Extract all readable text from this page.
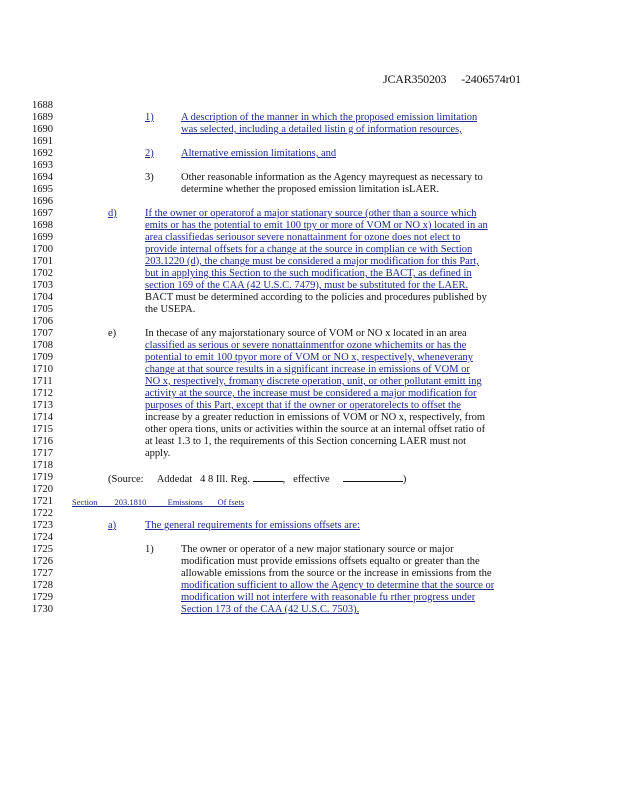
JCAR350203 -2406574r01
1688
1689	1)	A description of the manner in which the proposed emission limitation
1690	was selected, including a detailed listin g of information resources,
1691
1692	2)	Alternative emission limitations, and
1693
1694	3)	Other reasonable information as the Agency mayrequest as necessary to
1695	determine whether the proposed emission limitation isLAER.
1696
1697	d)	If the owner or operatorof a major stationary source (other than a source which
1698	emits or has the potential to emit 100 tpy or more of VOM or NO x) located in an
1699	area classifiedas seriousor severe nonattainment for ozone does not elect to
1700	provide internal offsets for a change at the source in complian ce with Section
1701	203.1220 (d), the change must be considered a major modification for this Part,
1702	but in applying this Section to the such modification, the BACT, as defined in
1703	section 169 of the CAA (42 U.S.C. 7479), must be substituted for the LAER.
1704	BACT must be determined according to the policies and procedures published by
1705	the USEPA.
1706
1707	e)	In thecase of any majorstationary source of VOM or NO x located in an area
1708	classified as serious or severe nonattainmentfor ozone whichemits or has the
1709	potential to emit 100 tpyor more of VOM or NO x, respectively, wheneverany
1710	change at that source results in a significant increase in emissions of VOM or
1711	NO x, respectively, fromany discrete operation, unit, or other pollutant emitt ing
1712	activity at the source, the increase must be considered a major modification for
1713	purposes of this Part, except that if the owner or operatorelects to offset the
1714	increase by a greater reduction in emissions of VOM or NO x, respectively, from
1715	other opera tions, units or activities within the source at an internal offset ratio of
1716	at least 1.3 to 1, the requirements of this Section concerning LAER must not
1717	apply.
1718
1719	(Source: Addedat 4 8 Ill. Reg.	,   effective	)
1720
1721 Section 203.1810	Emissions Of fsets
1722
1723	a)	The general requirements for emissions offsets are:
1724
1725	1)	The owner or operator of a new major stationary source or major
1726	modification must provide emissions offsets equalto or greater than the
1727	allowable emissions from the source or the increase in emissions from the
1728	modification sufficient to allow the Agency to determine that the source or
1729	modification will not interfere with reasonable fu rther progress under
1730	Section 173 of the CAA (42 U.S.C. 7503).
